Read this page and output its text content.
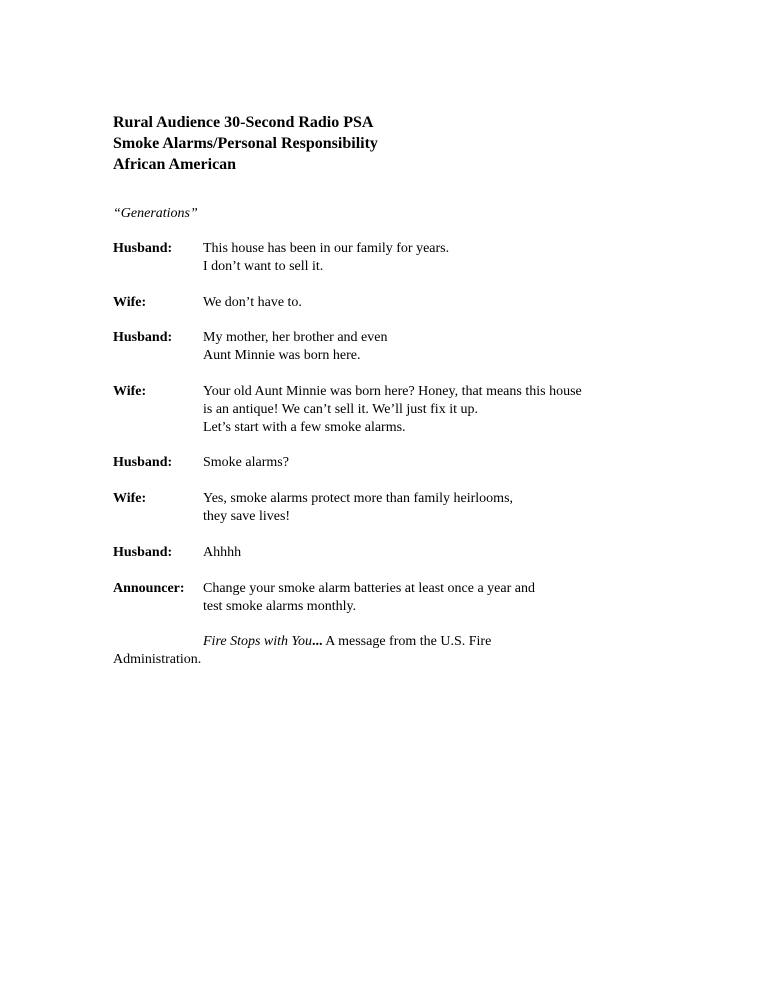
Rural Audience 30-Second Radio PSA
Smoke Alarms/Personal Responsibility
African American
“Generations”
Husband: This house has been in our family for years.
I don’t want to sell it.
Wife:	We don’t have to.
Husband: My mother, her brother and even
Aunt Minnie was born here.
Wife:	Your old Aunt Minnie was born here? Honey, that means this house
is an antique! We can’t sell it. We’ll just fix it up.
Let’s start with a few smoke alarms.
Husband: Smoke alarms?
Wife:	Yes, smoke alarms protect more than family heirlooms,
they save lives!
Husband: Ahhhh
Announcer: Change your smoke alarm batteries at least once a year and
test smoke alarms monthly.
Fire Stops with You... A message from the U.S. Fire
Administration.
